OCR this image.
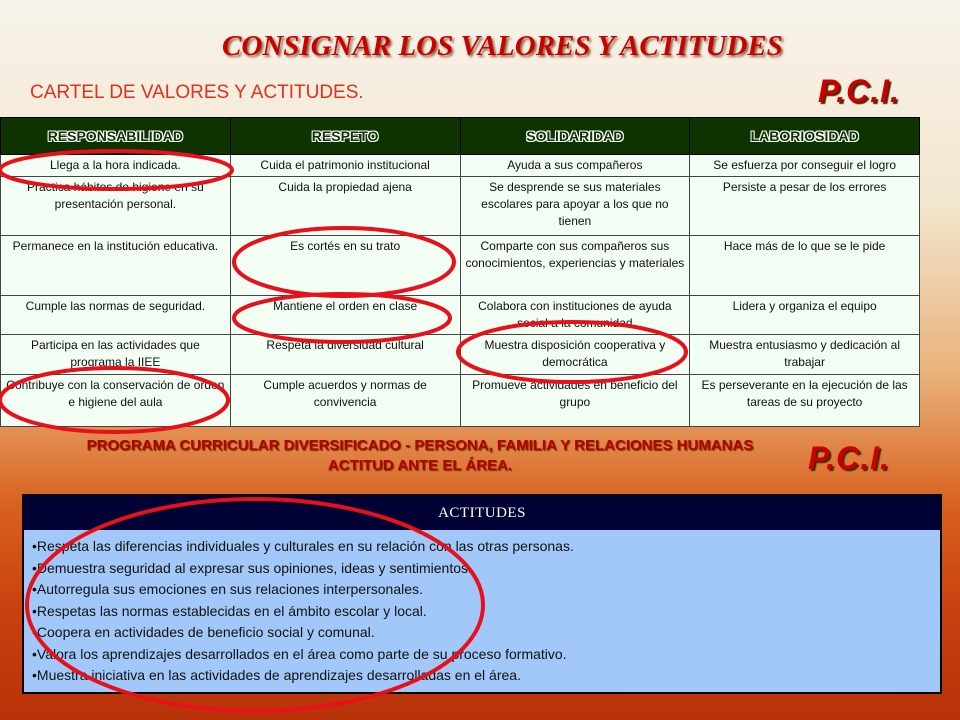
CONSIGNAR LOS VALORES Y ACTITUDES
CARTEL DE VALORES Y ACTITUDES.	P.C.I.
RESPONSABILIDAD	RESPETO	SOLIDARIDAD	LABORIOSIDAD
Llega a la hora indicada.	Cuida el patrimonio institucional	Ayuda a sus compañeros	Se esfuerza por conseguir el logro
Practica hábitos de higiene en su presentación personal.	Cuida la propiedad ajena	Se desprende se sus materiales escolares para apoyar a los que no tienen	Persiste a pesar de los errores
Permanece en la institución educativa.	Es cortés en su trato	Comparte con sus compañeros sus conocimientos, experiencias y materiales	Hace más de lo que se le pide
Cumple las normas de seguridad.	Mantiene el orden en clase	Colabora con instituciones de ayuda social a la comunidad	Lidera y organiza el equipo
Participa en las actividades que programa la IIEE	Respeta la diversidad cultural	Muestra disposición cooperativa y democrática	Muestra entusiasmo y dedicación al trabajar
Contribuye con la conservación de orden e higiene del aula	Cumple acuerdos y normas de convivencia	Promueve actividades en beneficio del grupo	Es perseverante en la ejecución de las tareas de su proyecto
PROGRAMA CURRICULAR DIVERSIFICADO - PERSONA, FAMILIA Y RELACIONES HUMANAS
ACTITUD ANTE EL ÁREA.	P.C.I.
ACTITUDES
•Respeta las diferencias individuales y culturales en su relación con las otras personas.
•Demuestra seguridad al expresar sus opiniones, ideas y sentimientos.
•Autorregula sus emociones en sus relaciones interpersonales.
•Respetas las normas establecidas en el ámbito escolar y local.
•Coopera en actividades de beneficio social y comunal.
•Valora los aprendizajes desarrollados en el área como parte de su proceso formativo.
•Muestra iniciativa en las actividades de aprendizajes desarrolladas en el área.
